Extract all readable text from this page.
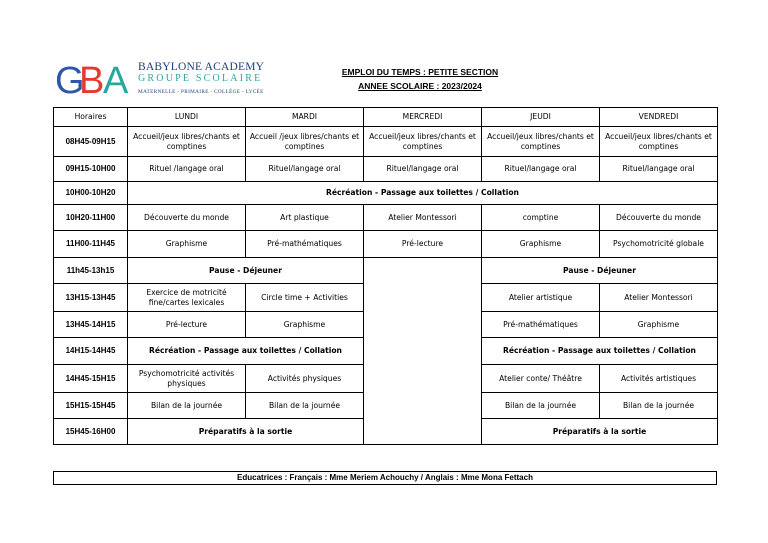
G
B
A BABYLONE ACADEMY
GROUPE SCOLAIRE
MATERNELLE - PRIMAIRE - COLLÈGE - LYCÉE
EMPLOI DU TEMPS : PETITE SECTION
ANNEE SCOLAIRE : 2023/2024
Horaires	LUNDI	MARDI	MERCREDI	JEUDI	VENDREDI
08H45-09H15	Accueil/jeux libres/chants et comptines	Accueil /jeux libres/chants et comptines	Accueil/jeux libres/chants et comptines	Accueil/jeux libres/chants et comptines	Accueil/jeux libres/chants et comptines
09H15-10H00	Rituel /langage oral	Rituel/langage oral	Rituel/langage oral	Rituel/langage oral	Rituel/langage oral
10H00-10H20	Récréation - Passage aux toilettes / Collation				
10H20-11H00	Découverte du monde	Art plastique	Atelier Montessori	comptine	Découverte du monde
11H00-11H45	Graphisme	Pré-mathématiques	Pré-lecture	Graphisme	Psychomotricité globale
11h45-13h15	Pause - Déjeuner			Pause - Déjeuner	
13H15-13H45	Exercice de motricité fine/cartes lexicales	Circle time + Activities		Atelier artistique	Atelier Montessori
13H45-14H15	Pré-lecture	Graphisme		Pré-mathématiques	Graphisme
14H15-14H45	Récréation - Passage aux toilettes / Collation			Récréation - Passage aux toilettes / Collation	
14H45-15H15	Psychomotricité activités physiques	Activités physiques		Atelier conte/ Théâtre	Activités artistiques
15H15-15H45	Bilan de la journée	Bilan de la journée		Bilan de la journée	Bilan de la journée
15H45-16H00	Préparatifs à la sortie			Préparatifs à la sortie	
Educatrices : Français : Mme Meriem Achouchy / Anglais : Mme Mona Fettach
